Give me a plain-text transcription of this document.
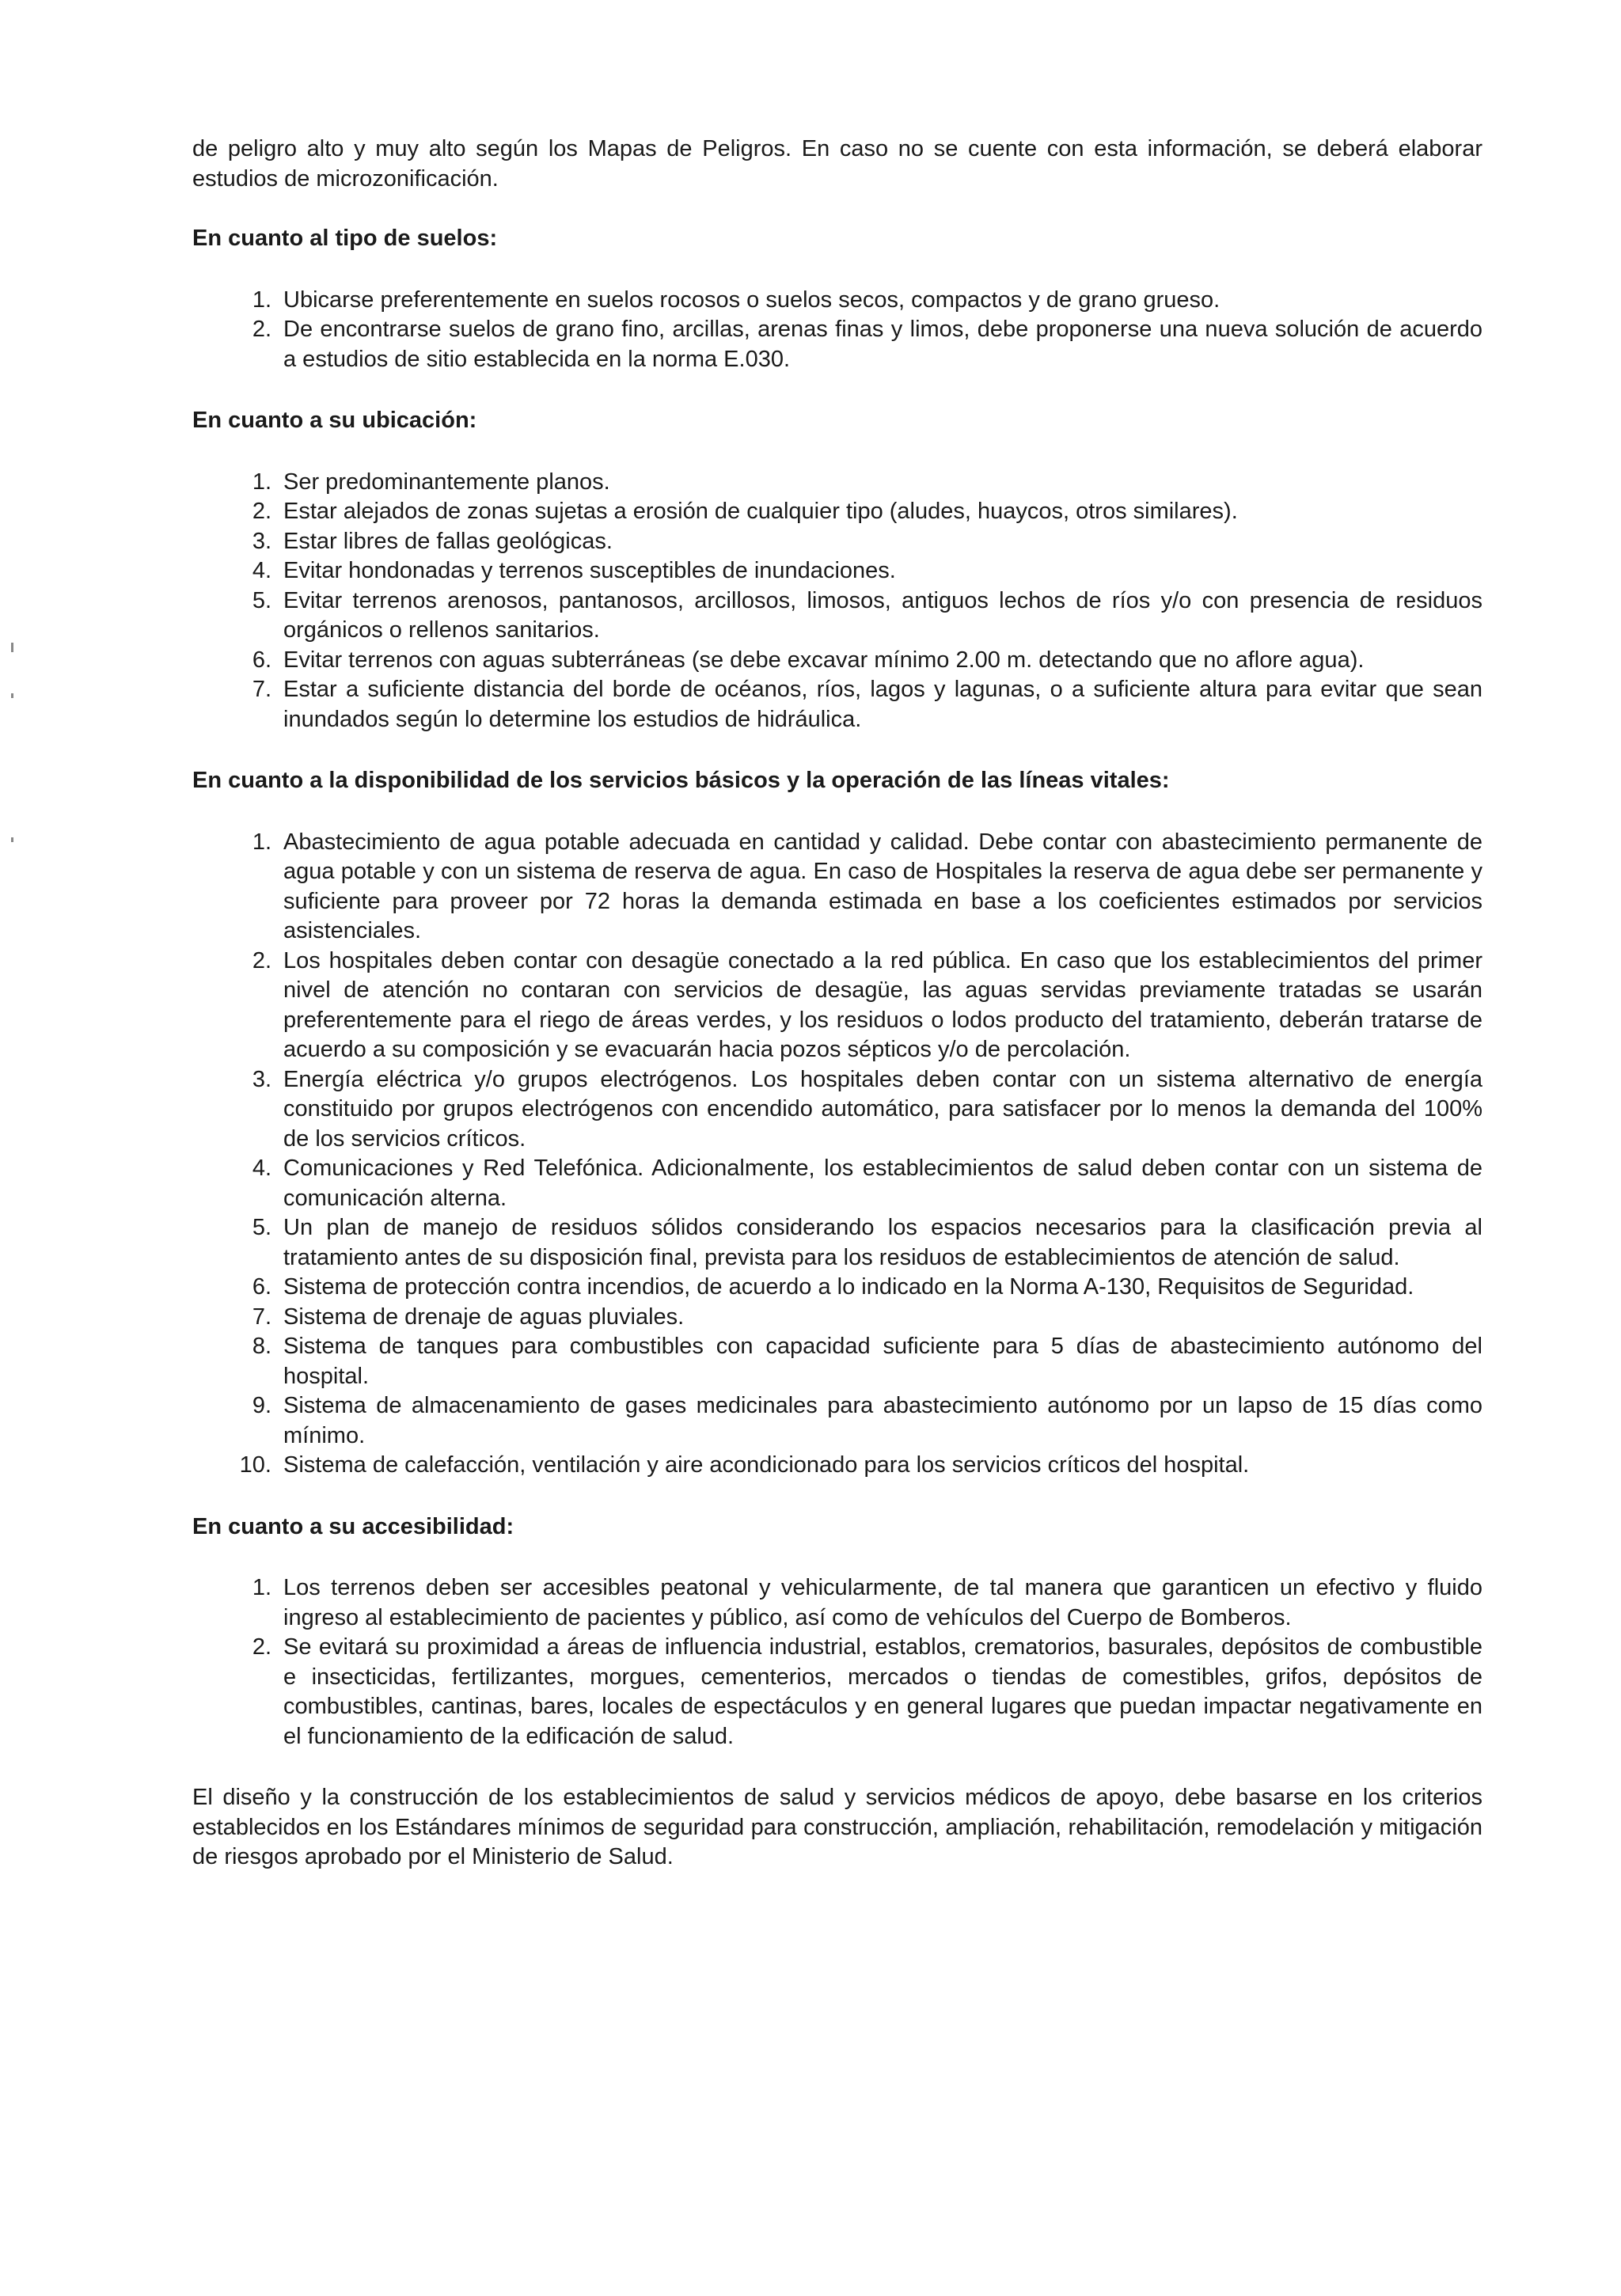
de peligro alto y muy alto según los Mapas de Peligros. En caso no se cuente con esta información, se deberá elaborar estudios de microzonificación.

En cuanto al tipo de suelos:
1. Ubicarse preferentemente en suelos rocosos o suelos secos, compactos y de grano grueso.
2. De encontrarse suelos de grano fino, arcillas, arenas finas y limos, debe proponerse una nueva solución de acuerdo a estudios de sitio establecida en la norma E.030.
En cuanto a su ubicación:
1. Ser predominantemente planos.
2. Estar alejados de zonas sujetas a erosión de cualquier tipo (aludes, huaycos, otros similares).
3. Estar libres de fallas geológicas.
4. Evitar hondonadas y terrenos susceptibles de inundaciones.
5. Evitar terrenos arenosos, pantanosos, arcillosos, limosos, antiguos lechos de ríos y/o con presencia de residuos orgánicos o rellenos sanitarios.
6. Evitar terrenos con aguas subterráneas (se debe excavar mínimo 2.00 m. detectando que no aflore agua).
7. Estar a suficiente distancia del borde de océanos, ríos, lagos y lagunas, o a suficiente altura para evitar que sean inundados según lo determine los estudios de hidráulica.
En cuanto a la disponibilidad de los servicios básicos y la operación de las líneas vitales:
1. Abastecimiento de agua potable adecuada en cantidad y calidad. Debe contar con abastecimiento permanente de agua potable y con un sistema de reserva de agua. En caso de Hospitales la reserva de agua debe ser permanente y suficiente para proveer por 72 horas la demanda estimada en base a los coeficientes estimados por servicios asistenciales.
2. Los hospitales deben contar con desagüe conectado a la red pública. En caso que los establecimientos del primer nivel de atención no contaran con servicios de desagüe, las aguas servidas previamente tratadas se usarán preferentemente para el riego de áreas verdes, y los residuos o lodos producto del tratamiento, deberán tratarse de acuerdo a su composición y se evacuarán hacia pozos sépticos y/o de percolación.
3. Energía eléctrica y/o grupos electrógenos. Los hospitales deben contar con un sistema alternativo de energía constituido por grupos electrógenos con encendido automático, para satisfacer por lo menos la demanda del 100% de los servicios críticos.
4. Comunicaciones y Red Telefónica. Adicionalmente, los establecimientos de salud deben contar con un sistema de comunicación alterna.
5. Un plan de manejo de residuos sólidos considerando los espacios necesarios para la clasificación previa al tratamiento antes de su disposición final, prevista para los residuos de establecimientos de atención de salud.
6. Sistema de protección contra incendios, de acuerdo a lo indicado en la Norma A-130, Requisitos de Seguridad.
7. Sistema de drenaje de aguas pluviales.
8. Sistema de tanques para combustibles con capacidad suficiente para 5 días de abastecimiento autónomo del hospital.
9. Sistema de almacenamiento de gases medicinales para abastecimiento autónomo por un lapso de 15 días como mínimo.
10. Sistema de calefacción, ventilación y aire acondicionado para los servicios críticos del hospital.
En cuanto a su accesibilidad:
1. Los terrenos deben ser accesibles peatonal y vehicularmente, de tal manera que garanticen un efectivo y fluido ingreso al establecimiento de pacientes y público, así como de vehículos del Cuerpo de Bomberos.
2. Se evitará su proximidad a áreas de influencia industrial, establos, crematorios, basurales, depósitos de combustible e insecticidas, fertilizantes, morgues, cementerios, mercados o tiendas de comestibles, grifos, depósitos de combustibles, cantinas, bares, locales de espectáculos y en general lugares que puedan impactar negativamente en el funcionamiento de la edificación de salud.

El diseño y la construcción de los establecimientos de salud y servicios médicos de apoyo, debe basarse en los criterios establecidos en los Estándares mínimos de seguridad para construcción, ampliación, rehabilitación, remodelación y mitigación de riesgos aprobado por el Ministerio de Salud.
